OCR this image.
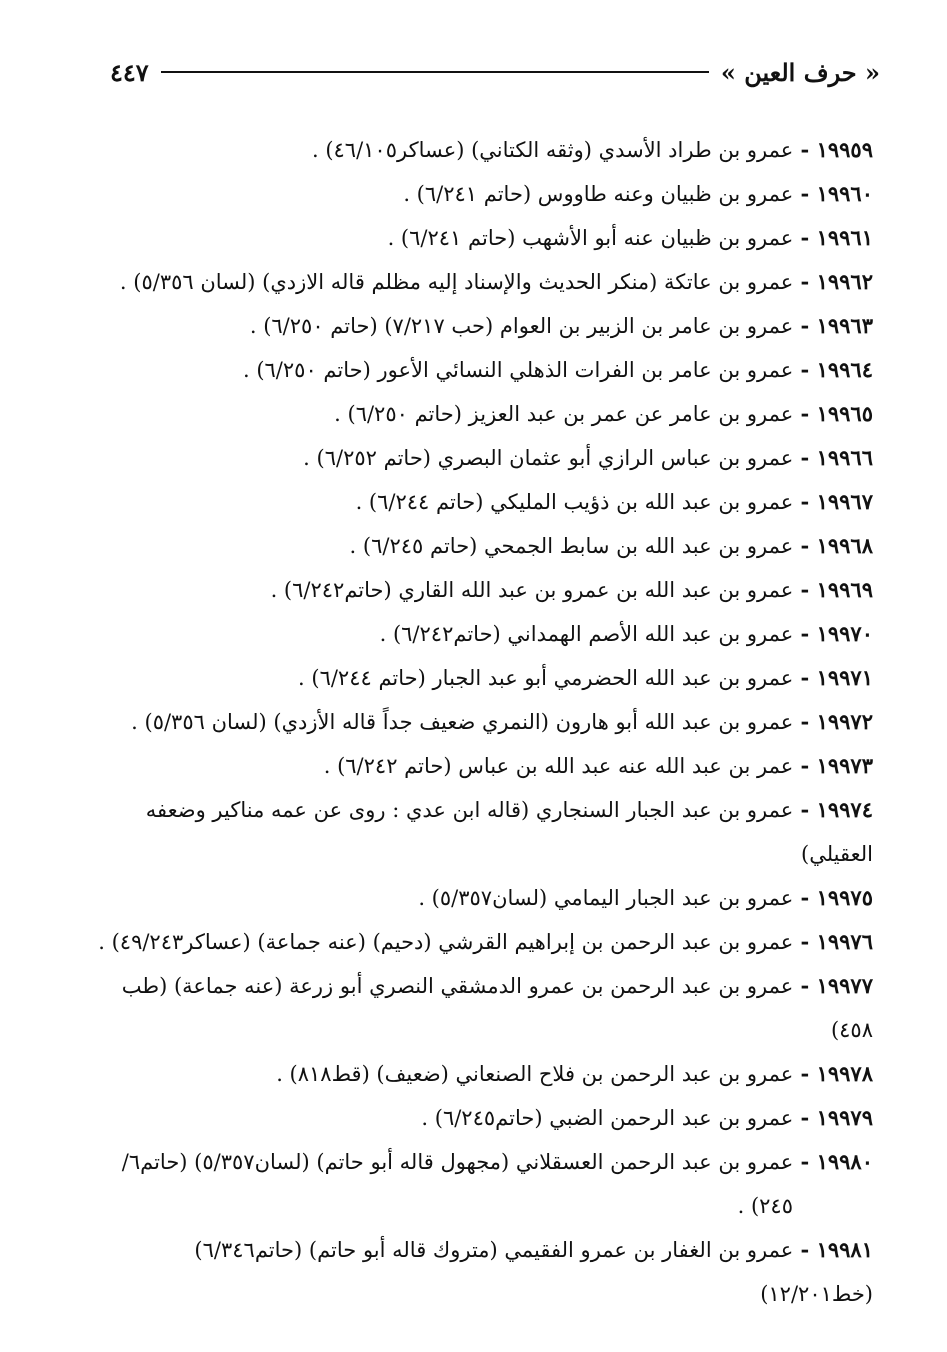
« حرف العين »
٤٤٧
١٩٩٥٩ - عمرو بن طراد الأسدي (وثقه الكتاني) (عساكر٤٦/١٠٥) .
١٩٩٦٠ - عمرو بن ظبيان وعنه طاووس (حاتم ٦/٢٤١) .
١٩٩٦١ - عمرو بن ظبيان عنه أبو الأشهب (حاتم ٦/٢٤١) .
١٩٩٦٢ - عمرو بن عاتكة (منكر الحديث والإسناد إليه مظلم قاله الازدي) (لسان ٥/٣٥٦) .
١٩٩٦٣ - عمرو بن عامر بن الزبير بن العوام (حب ٧/٢١٧) (حاتم ٦/٢٥٠) .
١٩٩٦٤ - عمرو بن عامر بن الفرات الذهلي النسائي الأعور (حاتم ٦/٢٥٠) .
١٩٩٦٥ - عمرو بن عامر عن عمر بن عبد العزيز (حاتم ٦/٢٥٠) .
١٩٩٦٦ - عمرو بن عباس الرازي أبو عثمان البصري (حاتم ٦/٢٥٢) .
١٩٩٦٧ - عمرو بن عبد الله بن ذؤيب المليكي (حاتم ٦/٢٤٤) .
١٩٩٦٨ - عمرو بن عبد الله بن سابط الجمحي (حاتم ٦/٢٤٥) .
١٩٩٦٩ - عمرو بن عبد الله بن عمرو بن عبد الله القاري (حاتم٦/٢٤٢) .
١٩٩٧٠ - عمرو بن عبد الله الأصم الهمداني (حاتم٦/٢٤٢) .
١٩٩٧١ - عمرو بن عبد الله الحضرمي أبو عبد الجبار (حاتم ٦/٢٤٤) .
١٩٩٧٢ - عمرو بن عبد الله أبو هارون (النمري ضعيف جداً قاله الأزدي) (لسان ٥/٣٥٦) .
١٩٩٧٣ - عمر بن عبد الله عنه عبد الله بن عباس (حاتم ٦/٢٤٢) .
١٩٩٧٤ - عمرو بن عبد الجبار السنجاري (قاله ابن عدي : روى عن عمه مناكير وضعفه العقيلي)
١٩٩٧٥ - عمرو بن عبد الجبار اليمامي (لسان٥/٣٥٧) .
١٩٩٧٦ - عمرو بن عبد الرحمن بن إبراهيم القرشي (دحيم) (عنه جماعة) (عساكر٤٩/٢٤٣) .
١٩٩٧٧ - عمرو بن عبد الرحمن بن عمرو الدمشقي النصري أبو زرعة (عنه جماعة) (طب ٤٥٨)
١٩٩٧٨ - عمرو بن عبد الرحمن بن فلاح الصنعاني (ضعيف) (قط٨١٨) .
١٩٩٧٩ - عمرو بن عبد الرحمن الضبي (حاتم٦/٢٤٥) .
١٩٩٨٠ - عمرو بن عبد الرحمن العسقلاني (مجهول قاله أبو حاتم) (لسان٥/٣٥٧) (حاتم٦/
٢٤٥) .
١٩٩٨١ - عمرو بن الغفار بن عمرو الفقيمي (متروك قاله أبو حاتم) (حاتم٦/٣٤٦) (خط١٢/٢٠١)
